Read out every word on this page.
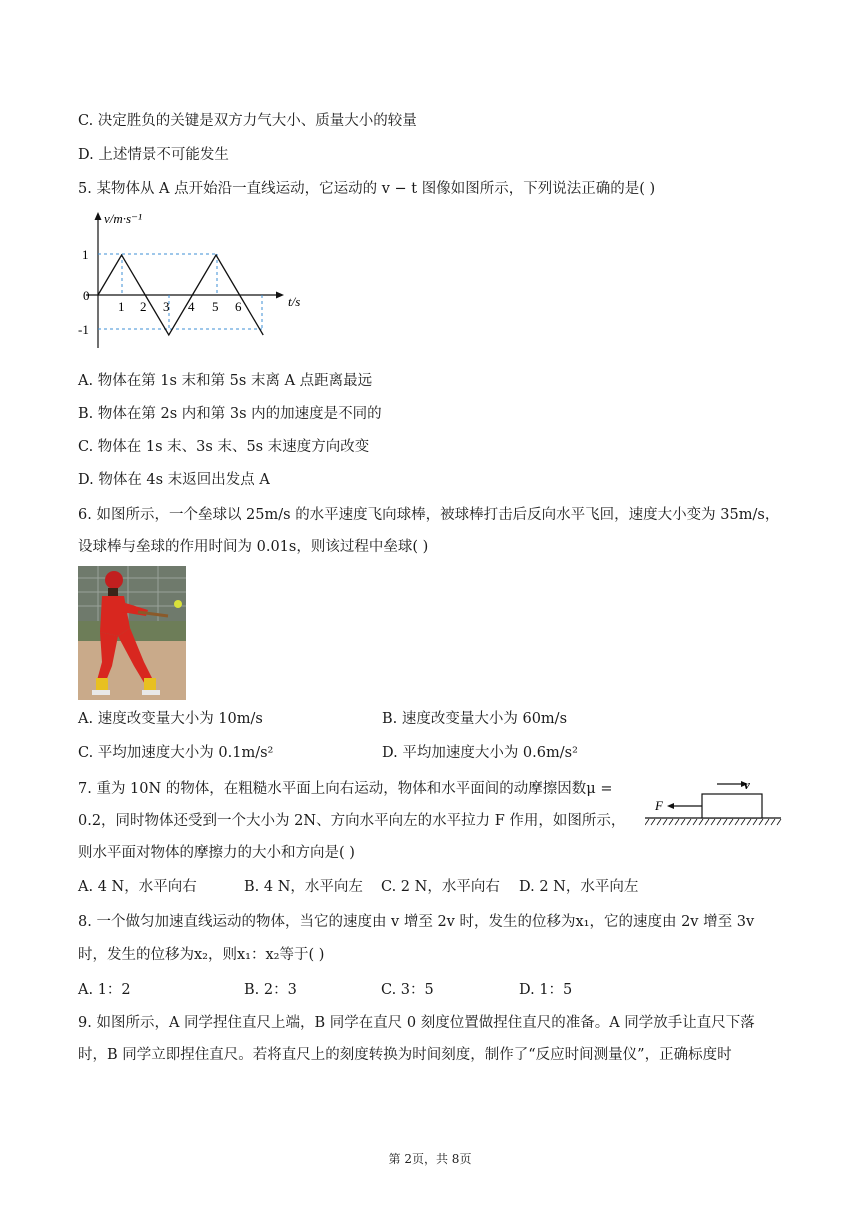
C. 决定胜负的关键是双方力气大小、质量大小的较量
D. 上述情景不可能发生
5. 某物体从 A 点开始沿一直线运动，它运动的 v − t 图像如图所示，下列说法正确的是( )
v/m·s⁻¹
t/s
1
0
-1
1 2 3 4 5 6
A. 物体在第 1s 末和第 5s 末离 A 点距离最远
B. 物体在第 2s 内和第 3s 内的加速度是不同的
C. 物体在 1s 末、3s 末、5s 末速度方向改变
D. 物体在 4s 末返回出发点 A
6. 如图所示，一个垒球以 25m/s 的水平速度飞向球棒，被球棒打击后反向水平飞回，速度大小变为 35m/s，
设球棒与垒球的作用时间为 0.01s，则该过程中垒球( )
A. 速度改变量大小为 10m/s	B. 速度改变量大小为 60m/s
C. 平均加速度大小为 0.1m/s²	D. 平均加速度大小为 0.6m/s²
7. 重为 10N 的物体，在粗糙水平面上向右运动，物体和水平面间的动摩擦因数μ =
0.2，同时物体还受到一个大小为 2N、方向水平向左的水平拉力 F 作用，如图所示，
则水平面对物体的摩擦力的大小和方向是( )
v
F
A. 4 N，水平向右	B. 4 N，水平向左 C. 2 N，水平向右 D. 2 N，水平向左
8. 一个做匀加速直线运动的物体，当它的速度由 v 增至 2v 时，发生的位移为x₁，它的速度由 2v 增至 3v
时，发生的位移为x₂，则x₁：x₂等于( )
A. 1：2	B. 2：3	C. 3：5	D. 1：5
9. 如图所示，A 同学捏住直尺上端，B 同学在直尺 0 刻度位置做捏住直尺的准备。A 同学放手让直尺下落
时，B 同学立即捏住直尺。若将直尺上的刻度转换为时间刻度，制作了“反应时间测量仪”，正确标度时
第 2页，共 8页
